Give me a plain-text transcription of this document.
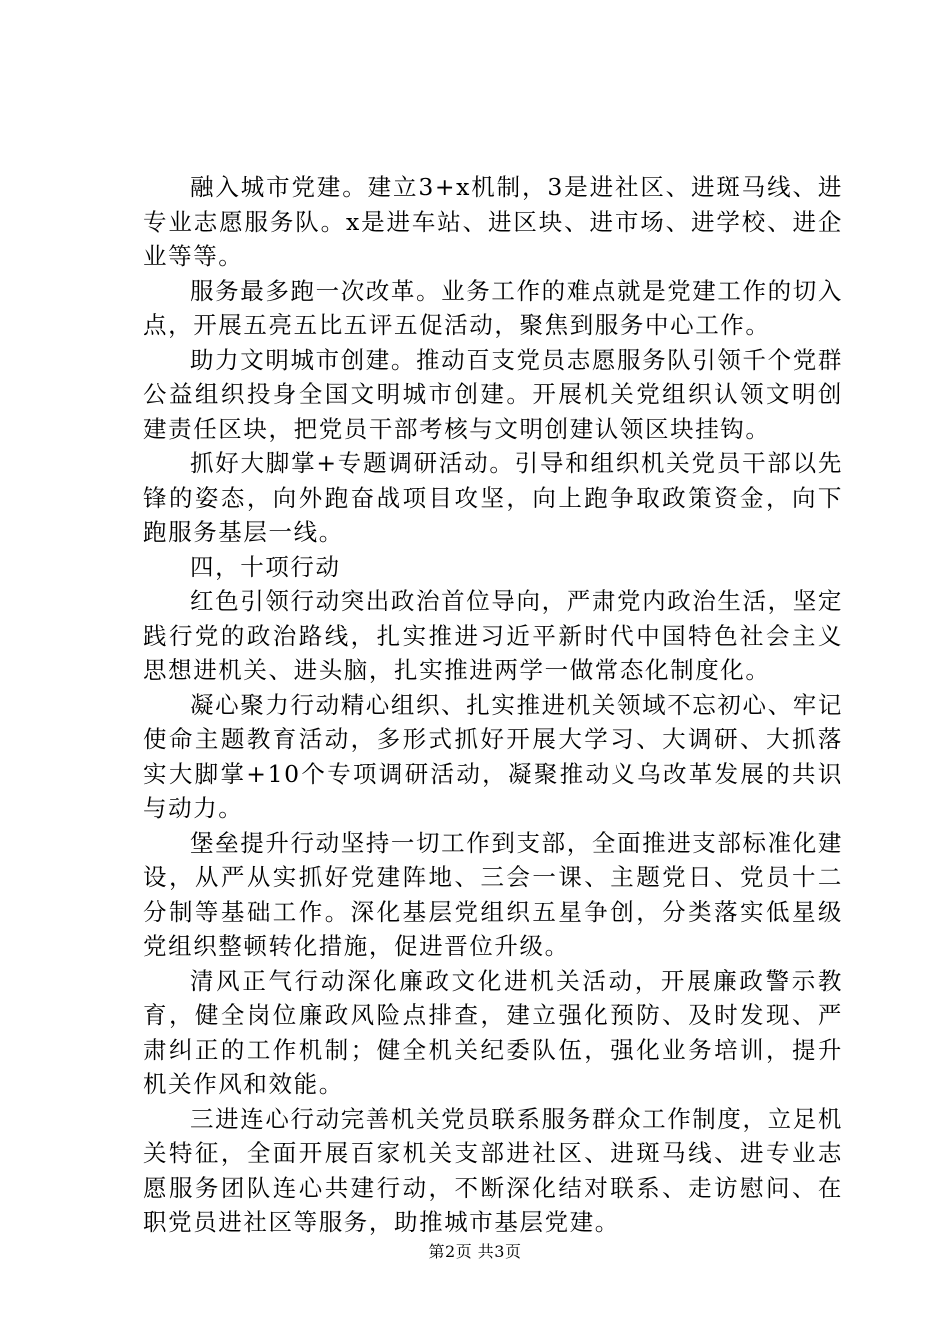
融入城市党建。建立3+x机制，3是进社区、进斑马线、进专业志愿服务队。x是进车站、进区块、进市场、进学校、进企业等等。

服务最多跑一次改革。业务工作的难点就是党建工作的切入点，开展五亮五比五评五促活动，聚焦到服务中心工作。

助力文明城市创建。推动百支党员志愿服务队引领千个党群公益组织投身全国文明城市创建。开展机关党组织认领文明创建责任区块，把党员干部考核与文明创建认领区块挂钩。

抓好大脚掌+专题调研活动。引导和组织机关党员干部以先锋的姿态，向外跑奋战项目攻坚，向上跑争取政策资金，向下跑服务基层一线。

四，十项行动

红色引领行动突出政治首位导向，严肃党内政治生活，坚定践行党的政治路线，扎实推进习近平新时代中国特色社会主义思想进机关、进头脑，扎实推进两学一做常态化制度化。

凝心聚力行动精心组织、扎实推进机关领域不忘初心、牢记使命主题教育活动，多形式抓好开展大学习、大调研、大抓落实大脚掌+10个专项调研活动，凝聚推动义乌改革发展的共识与动力。

堡垒提升行动坚持一切工作到支部，全面推进支部标准化建设，从严从实抓好党建阵地、三会一课、主题党日、党员十二分制等基础工作。深化基层党组织五星争创，分类落实低星级党组织整顿转化措施，促进晋位升级。

清风正气行动深化廉政文化进机关活动，开展廉政警示教育，健全岗位廉政风险点排查，建立强化预防、及时发现、严肃纠正的工作机制；健全机关纪委队伍，强化业务培训，提升机关作风和效能。

三进连心行动完善机关党员联系服务群众工作制度，立足机关特征，全面开展百家机关支部进社区、进斑马线、进专业志愿服务团队连心共建行动，不断深化结对联系、走访慰问、在职党员进社区等服务，助推城市基层党建。

第2页 共3页
